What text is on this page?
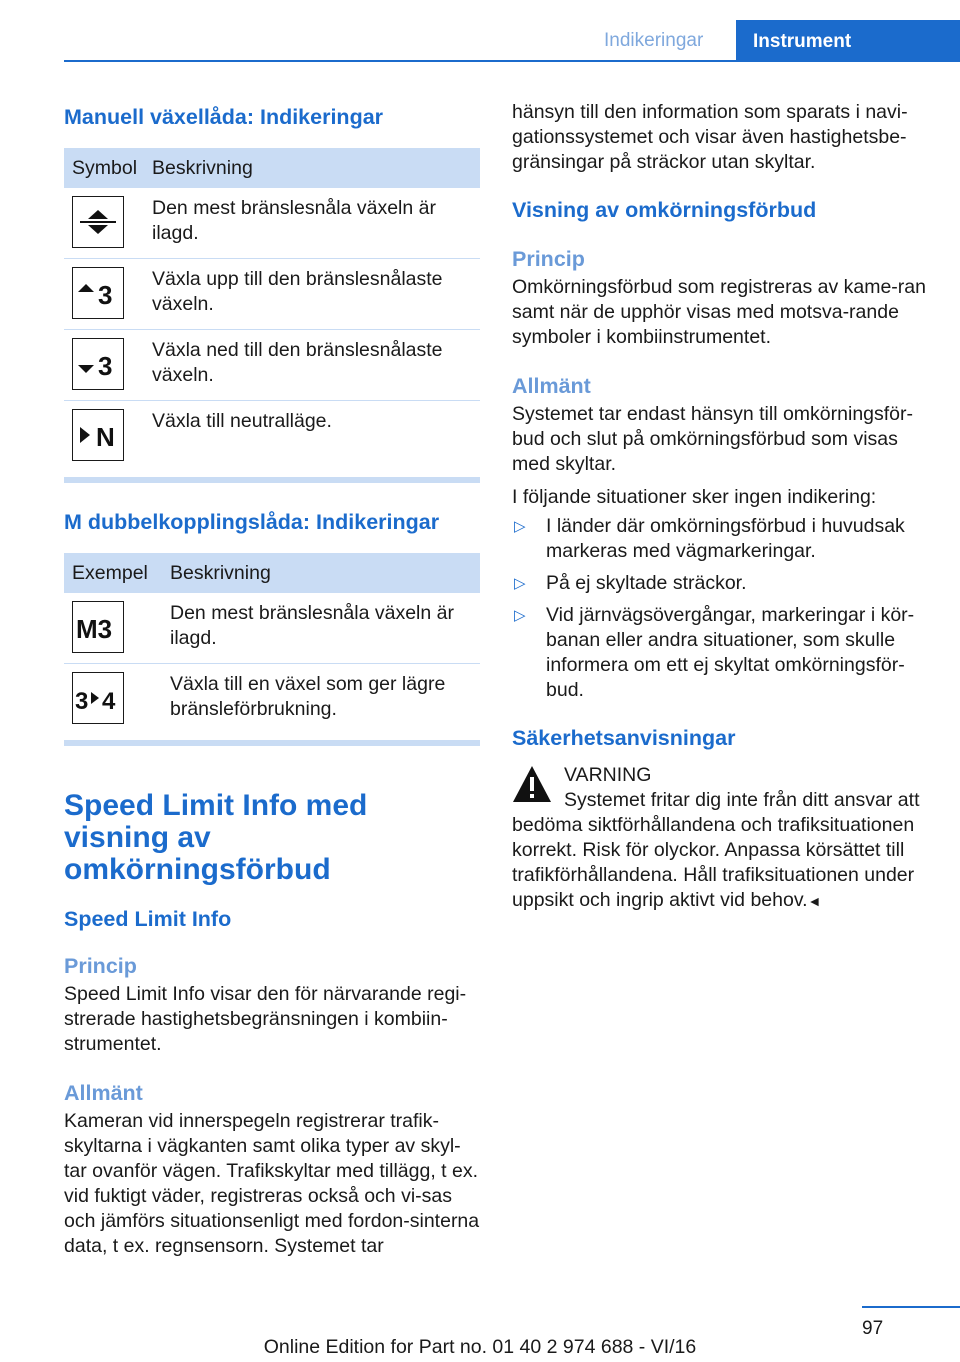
Indikeringar	Instrument
Manuell växellåda: Indikeringar
Symbol	Beskrivning

	Den mest bränslesnåla växeln är ilagd.

3	Växla upp till den bränslesnålaste växeln.

3	Växla ned till den bränslesnålaste växeln.

N	Växla till neutralläge.
M dubbelkopplingslåda: Indikeringar
Exempel	Beskrivning

M3	Den mest bränslesnåla växeln är ilagd.

3 4	Växla till en växel som ger lägre bränsleförbrukning.
Speed Limit Info med visning av omkörningsförbud
Speed Limit Info
Princip

Speed Limit Info visar den för närvarande regi-strerade hastighetsbegränsningen i kombiin-strumentet.

Allmänt

Kameran vid innerspegeln registrerar trafik-skyltarna i vägkanten samt olika typer av skyl-tar ovanför vägen. Trafikskyltar med tillägg, t ex. vid fuktigt väder, registreras också och vi-sas och jämförs situationsenligt med fordon-sinterna data, t ex. regnsensorn. Systemet tar

hänsyn till den information som sparats i navi-gationssystemet och visar även hastighetsbe-gränsingar på sträckor utan skyltar.

Visning av omkörningsförbud
Princip

Omkörningsförbud som registreras av kame-ran samt när de upphör visas med motsva-rande symboler i kombiinstrumentet.

Allmänt

Systemet tar endast hänsyn till omkörningsför-bud och slut på omkörningsförbud som visas med skyltar.

I följande situationer sker ingen indikering:

▷ I länder där omkörningsförbud i huvudsak markeras med vägmarkeringar.
▷ På ej skyltade sträckor.
▷ Vid järnvägsövergångar, markeringar i kör-banan eller andra situationer, som skulle informera om ett ej skyltat omkörningsför-bud.
Säkerhetsanvisningar

VARNING

Systemet fritar dig inte från ditt ansvar att bedöma siktförhållandena och trafiksituationen korrekt. Risk för olyckor. Anpassa körsättet till trafikförhållandena. Håll trafiksituationen under uppsikt och ingrip aktivt vid behov.◄

97
Online Edition for Part no. 01 40 2 974 688 - VI/16
